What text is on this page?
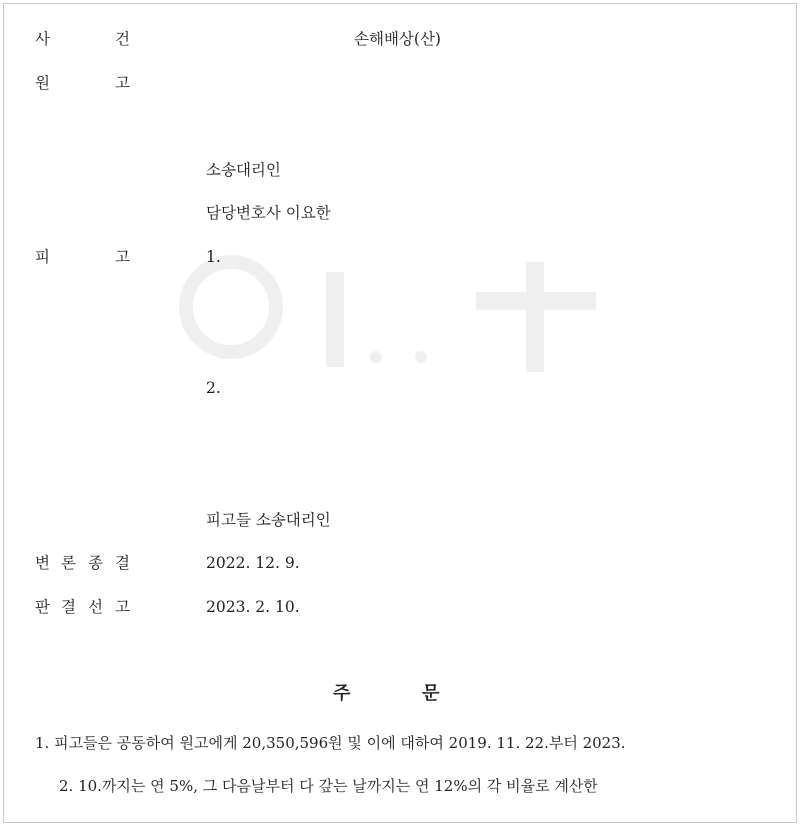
사	건	손해배상(산)
원	고
소송대리인
담당변호사 이요한
피	고	1.
2.
피고들 소송대리인
변 론 종 결	2022. 12. 9.
판 결 선 고	2023. 2. 10.
주	문
1. 피고들은 공동하여 원고에게 20,350,596원 및 이에 대하여 2019. 11. 22.부터 2023.
2. 10.까지는 연 5%, 그 다음날부터 다 갚는 날까지는 연 12%의 각 비율로 계산한
